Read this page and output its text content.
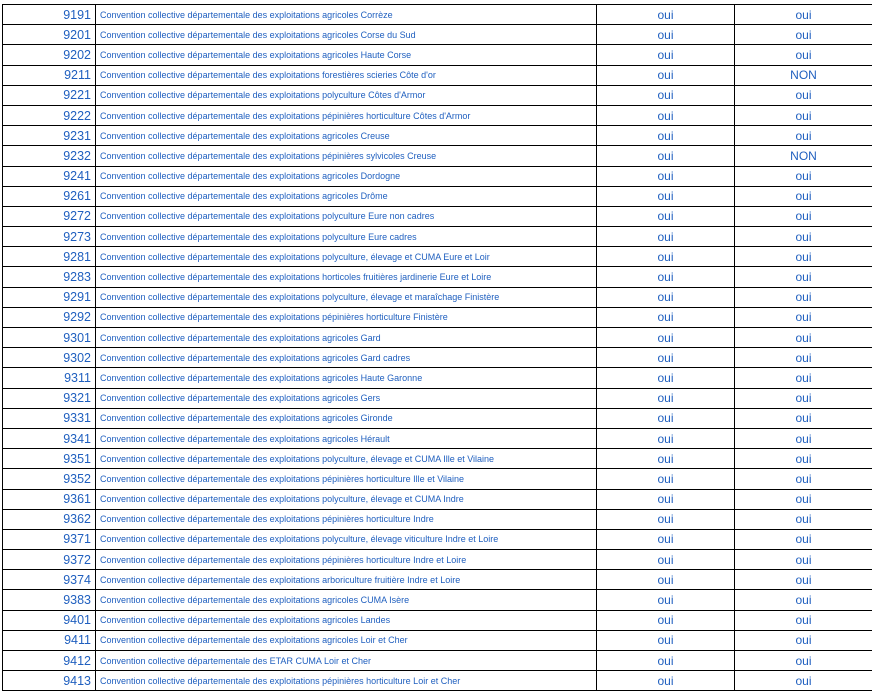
9191	Convention collective départementale des exploitations agricoles Corrèze	oui	oui
9201	Convention collective départementale des exploitations agricoles Corse du Sud	oui	oui
9202	Convention collective départementale des exploitations agricoles Haute Corse	oui	oui
9211	Convention collective départementale des exploitations forestières scieries Côte d'or	oui	NON
9221	Convention collective départementale des exploitations polyculture Côtes d'Armor	oui	oui
9222	Convention collective départementale des exploitations pépinières horticulture Côtes d'Armor	oui	oui
9231	Convention collective départementale des exploitations agricoles Creuse	oui	oui
9232	Convention collective départementale des exploitations pépinières sylvicoles Creuse	oui	NON
9241	Convention collective départementale des exploitations agricoles Dordogne	oui	oui
9261	Convention collective départementale des exploitations agricoles Drôme	oui	oui
9272	Convention collective départementale des exploitations polyculture Eure non cadres	oui	oui
9273	Convention collective départementale des exploitations polyculture Eure cadres	oui	oui
9281	Convention collective départementale des exploitations polyculture, élevage et CUMA Eure et Loir	oui	oui
9283	Convention collective départementale des exploitations horticoles fruitières jardinerie Eure et Loire	oui	oui
9291	Convention collective départementale des exploitations polyculture, élevage et maraîchage Finistère	oui	oui
9292	Convention collective départementale des exploitations pépinières horticulture Finistère	oui	oui
9301	Convention collective départementale des exploitations agricoles Gard	oui	oui
9302	Convention collective départementale des exploitations agricoles Gard cadres	oui	oui
9311	Convention collective départementale des exploitations agricoles Haute Garonne	oui	oui
9321	Convention collective départementale des exploitations agricoles Gers	oui	oui
9331	Convention collective départementale des exploitations agricoles Gironde	oui	oui
9341	Convention collective départementale des exploitations agricoles Hérault	oui	oui
9351	Convention collective départementale des exploitations polyculture, élevage et CUMA Ille et Vilaine	oui	oui
9352	Convention collective départementale des exploitations pépinières horticulture Ille et Vilaine	oui	oui
9361	Convention collective départementale des exploitations polyculture, élevage et CUMA Indre	oui	oui
9362	Convention collective départementale des exploitations pépinières horticulture Indre	oui	oui
9371	Convention collective départementale des exploitations polyculture, élevage viticulture Indre et Loire	oui	oui
9372	Convention collective départementale des exploitations pépinières horticulture Indre et Loire	oui	oui
9374	Convention collective départementale des exploitations arboriculture fruitière Indre et Loire	oui	oui
9383	Convention collective départementale des exploitations agricoles CUMA Isère	oui	oui
9401	Convention collective départementale des exploitations agricoles Landes	oui	oui
9411	Convention collective départementale des exploitations agricoles Loir et Cher	oui	oui
9412	Convention collective départementale des ETAR CUMA Loir et Cher	oui	oui
9413	Convention collective départementale des exploitations pépinières horticulture Loir et Cher	oui	oui
